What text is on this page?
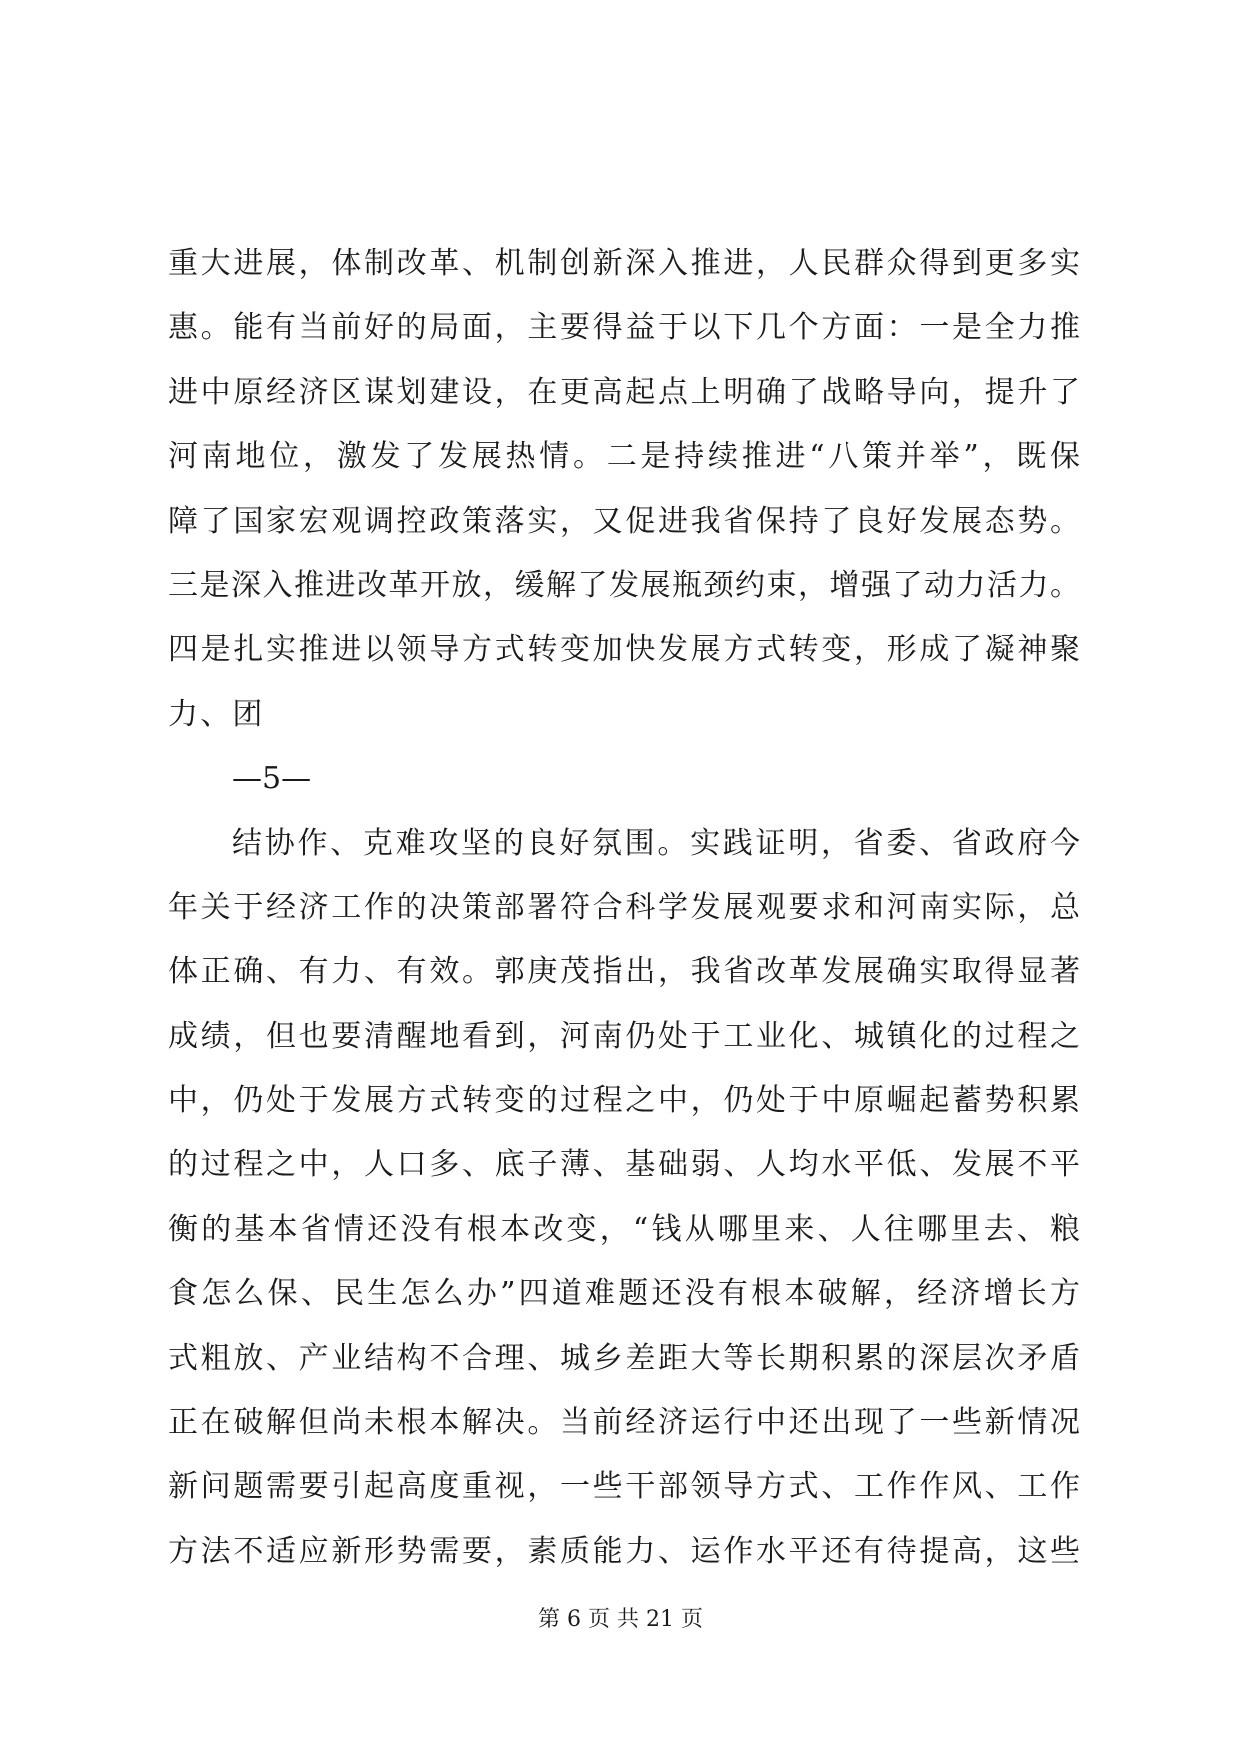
重大进展，体制改革、机制创新深入推进，人民群众得到更多实
惠。能有当前好的局面，主要得益于以下几个方面：一是全力推
进中原经济区谋划建设，在更高起点上明确了战略导向，提升了
河南地位，激发了发展热情。二是持续推进“八策并举”，既保
障了国家宏观调控政策落实，又促进我省保持了良好发展态势。
三是深入推进改革开放，缓解了发展瓶颈约束，增强了动力活力。
四是扎实推进以领导方式转变加快发展方式转变，形成了凝神聚
力、团
—5—
结协作、克难攻坚的良好氛围。实践证明，省委、省政府今
年关于经济工作的决策部署符合科学发展观要求和河南实际，总
体正确、有力、有效。郭庚茂指出，我省改革发展确实取得显著
成绩，但也要清醒地看到，河南仍处于工业化、城镇化的过程之
中，仍处于发展方式转变的过程之中，仍处于中原崛起蓄势积累
的过程之中，人口多、底子薄、基础弱、人均水平低、发展不平
衡的基本省情还没有根本改变，“钱从哪里来、人往哪里去、粮
食怎么保、民生怎么办”四道难题还没有根本破解，经济增长方
式粗放、产业结构不合理、城乡差距大等长期积累的深层次矛盾
正在破解但尚未根本解决。当前经济运行中还出现了一些新情况
新问题需要引起高度重视，一些干部领导方式、工作作风、工作
方法不适应新形势需要，素质能力、运作水平还有待提高，这些
第 6 页 共 21 页
